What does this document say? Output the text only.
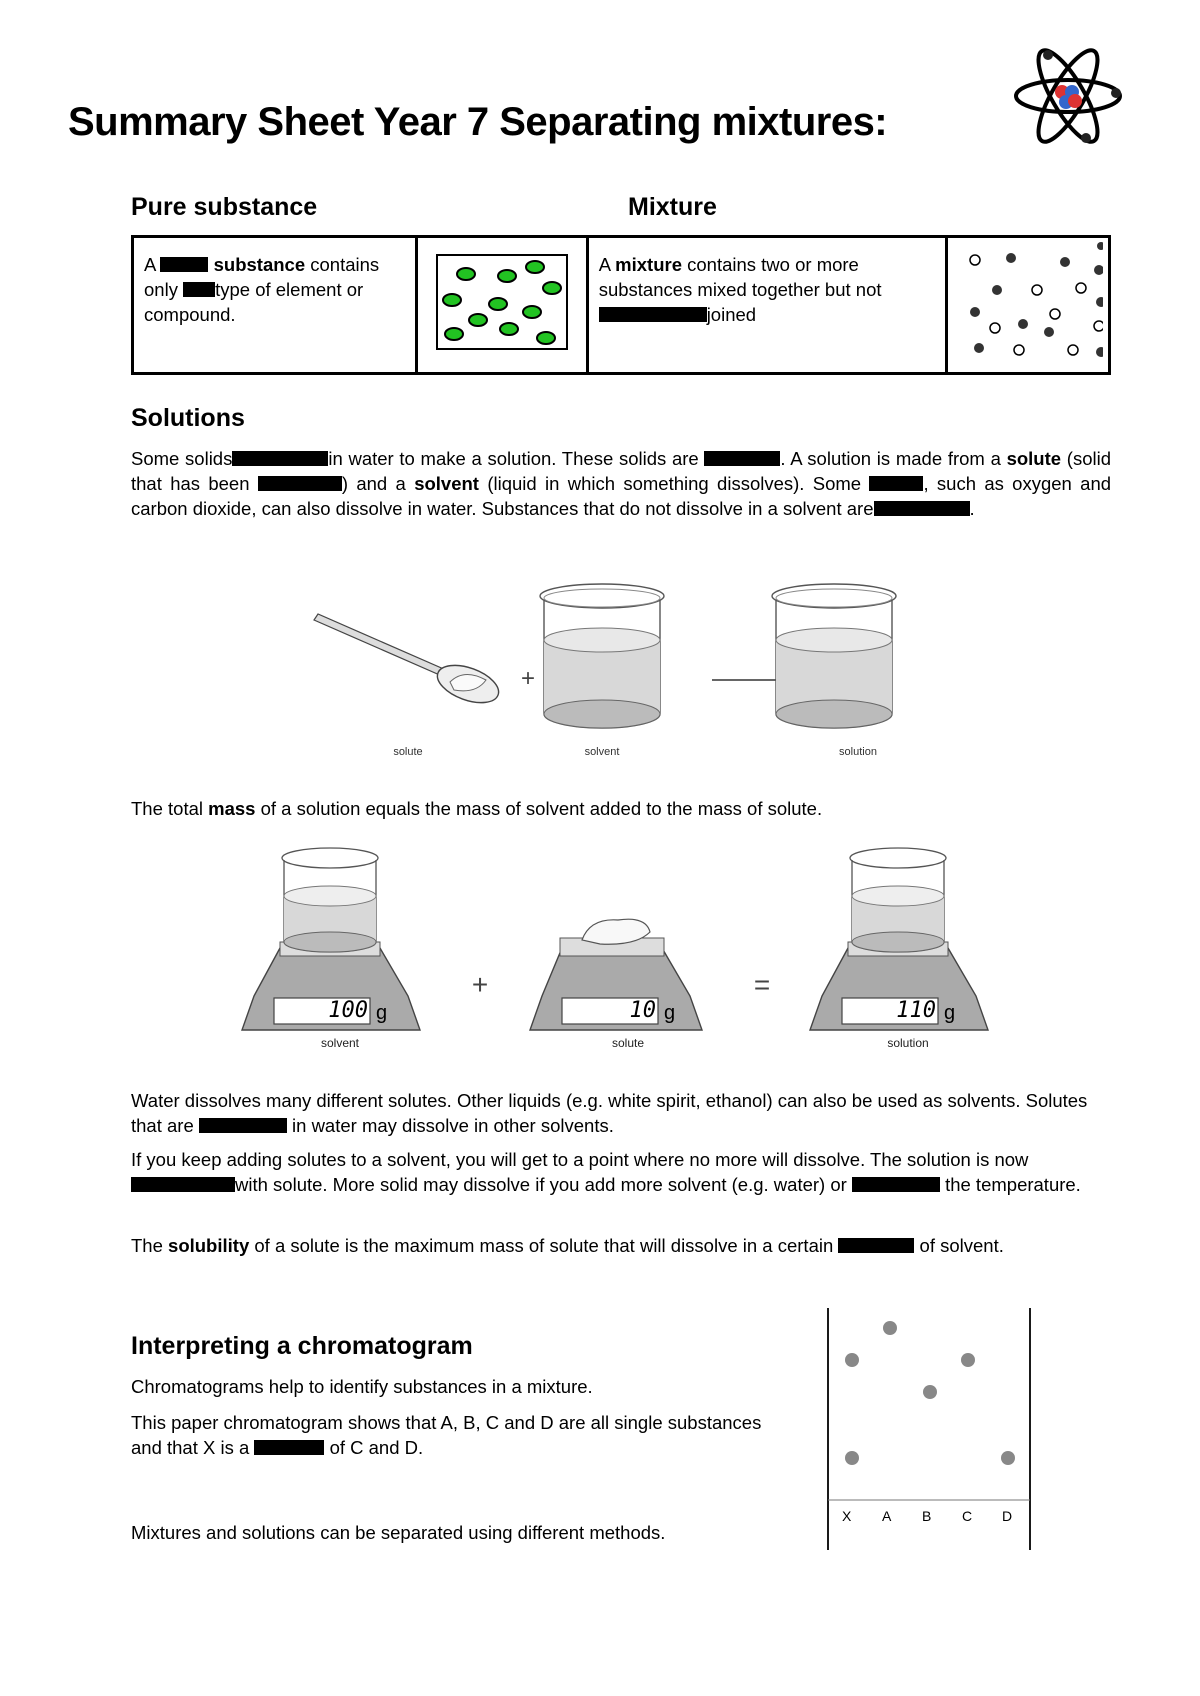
Summary Sheet Year 7 Separating mixtures:
Pure substance	Mixture
A	substance contains only type of element or compound.		A mixture contains two or more substances mixed together but not joined	
Solutions
Some solids	in water to make a solution. These solids are	. A solution is made from a solute (solid that has been	) and a solvent (liquid in which something dissolves). Some	, such as oxygen and carbon dioxide, can also dissolve in water. Substances that do not dissolve in a solvent are	.
+
solute	solvent	solution
The total mass of a solution equals the mass of solvent added to the mass of solute.
+	=
100 g	10 g	110 g
solvent	solute	solution
Water dissolves many different solutes. Other liquids (e.g. white spirit, ethanol) can also be used as solvents. Solutes that are	in water may dissolve in other solvents.
If you keep adding solutes to a solvent, you will get to a point where no more will dissolve. The solution is now with solute. More solid may dissolve if you add more solvent (e.g. water) or	the temperature.
The solubility of a solute is the maximum mass of solute that will dissolve in a certain	of solvent.
Interpreting a chromatogram
Chromatograms help to identify substances in a mixture.
This paper chromatogram shows that A, B, C and D are all single substances and that X is a	of C and D.
Mixtures and solutions can be separated using different methods.
X A B C D
